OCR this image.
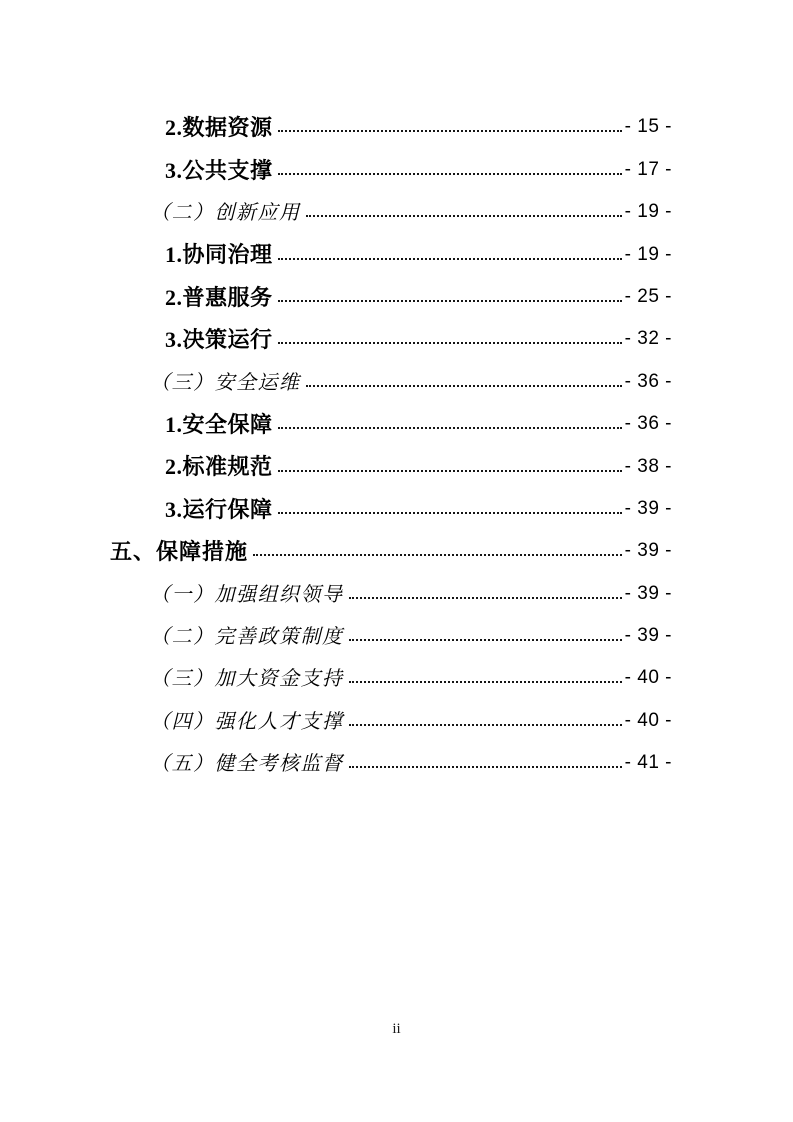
2.数据资源	- 15 -
3.公共支撑	- 17 -
（二）创新应用	- 19 -
1.协同治理	- 19 -
2.普惠服务	- 25 -
3.决策运行	- 32 -
（三）安全运维	- 36 -
1.安全保障	- 36 -
2.标准规范	- 38 -
3.运行保障	- 39 -
五、保障措施	- 39 -
（一）加强组织领导	- 39 -
（二）完善政策制度	- 39 -
（三）加大资金支持	- 40 -
（四）强化人才支撑	- 40 -
（五）健全考核监督	- 41 -
ii
